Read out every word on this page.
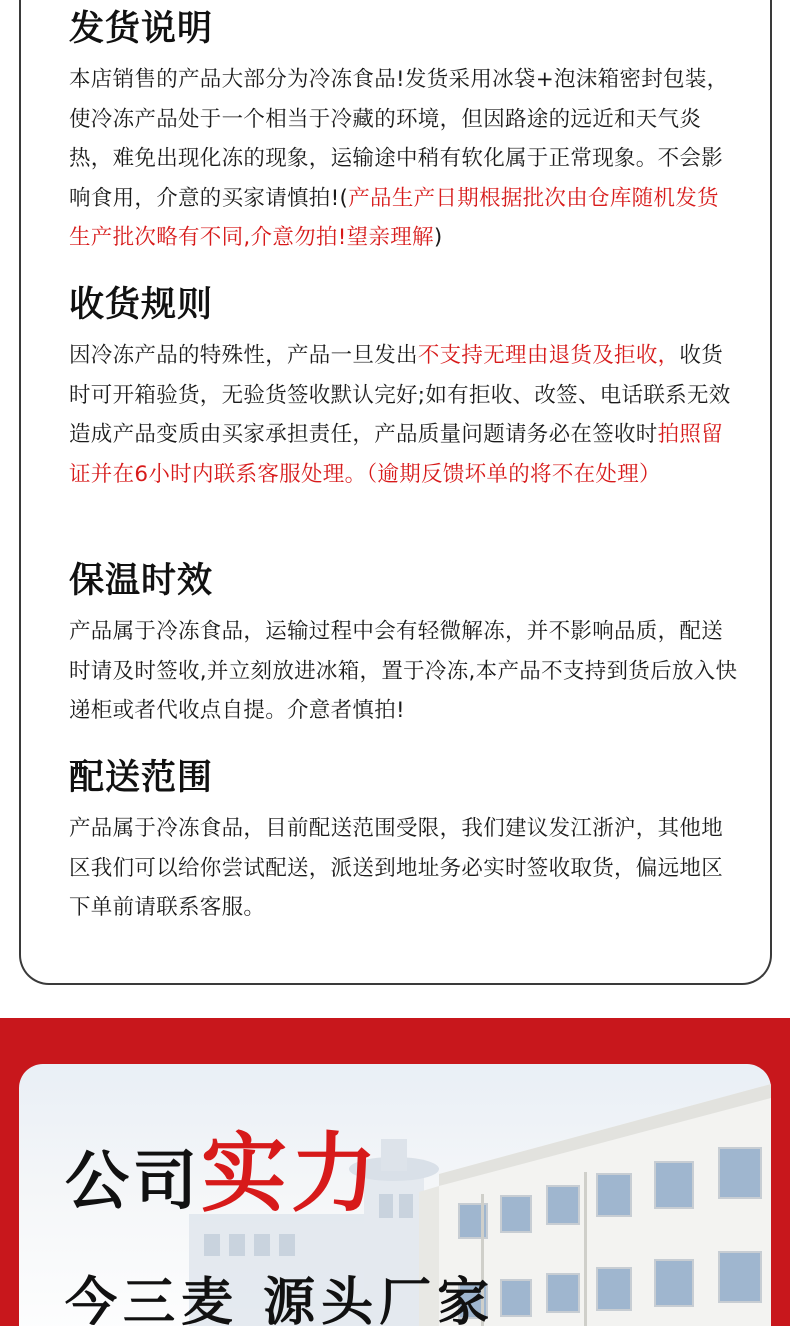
发货说明

本店销售的产品大部分为冷冻食品!发货采用冰袋+泡沫箱密封包装，使冷冻产品处于一个相当于冷藏的环境，但因路途的远近和天气炎热，难免出现化冻的现象，运输途中稍有软化属于正常现象。不会影响食用，介意的买家请慎拍!(产品生产日期根据批次由仓库随机发货生产批次略有不同,介意勿拍!望亲理解)

收货规则

因冷冻产品的特殊性，产品一旦发出不支持无理由退货及拒收，收货时可开箱验货，无验货签收默认完好;如有拒收、改签、电话联系无效造成产品变质由买家承担责任，产品质量问题请务必在签收时拍照留证并在6小时内联系客服处理。（逾期反馈坏单的将不在处理）

保温时效

产品属于冷冻食品，运输过程中会有轻微解冻，并不影响品质，配送时请及时签收,并立刻放进冰箱，置于冷冻,本产品不支持到货后放入快递柜或者代收点自提。介意者慎拍!

配送范围

产品属于冷冻食品，目前配送范围受限，我们建议发江浙沪，其他地区我们可以给你尝试配送，派送到地址务必实时签收取货，偏远地区下单前请联系客服。

公司实力
今三麦 源头厂家
